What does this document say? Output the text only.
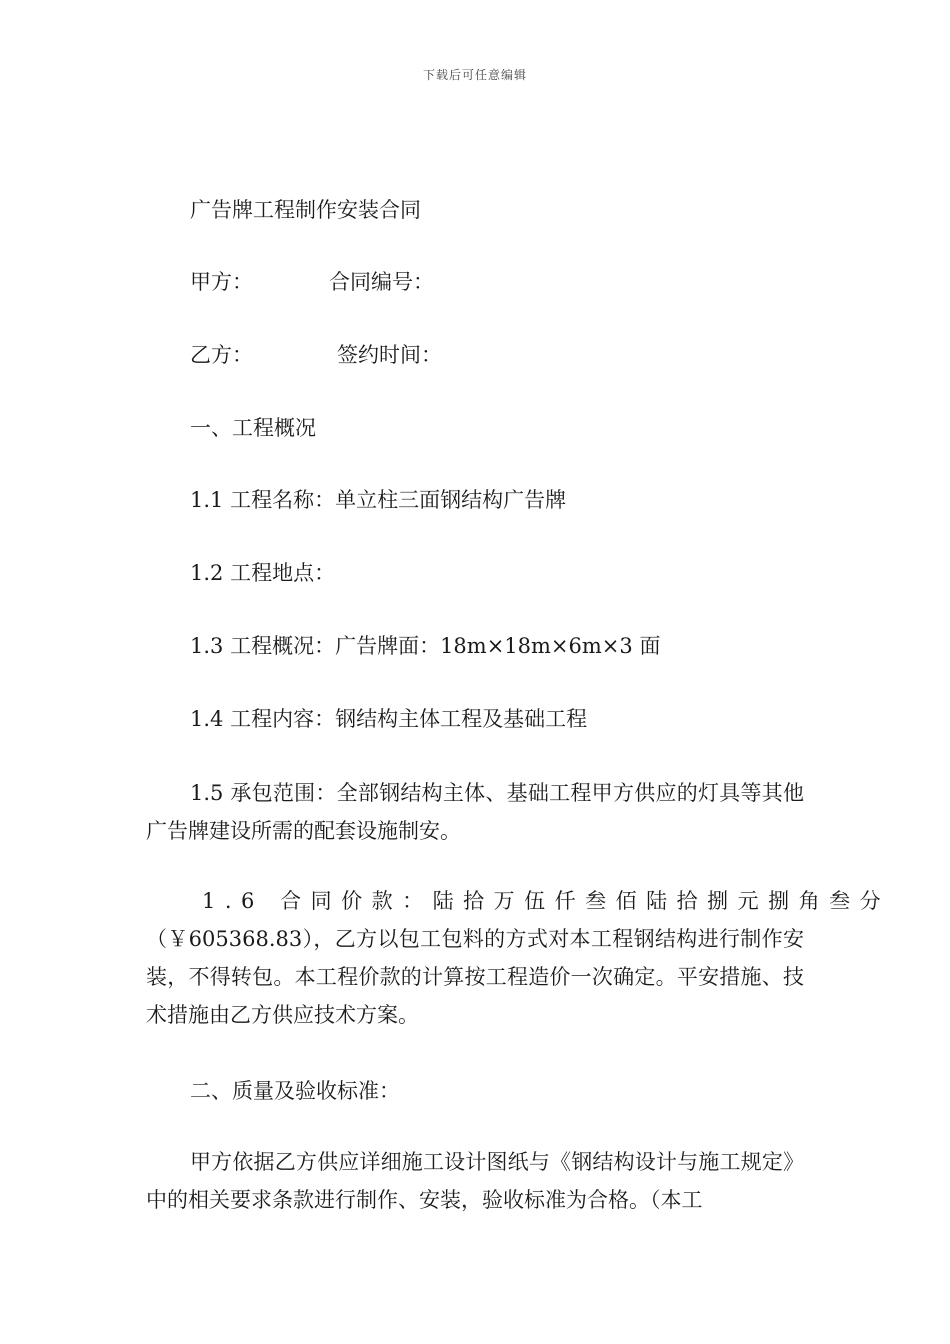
下载后可任意编辑
广告牌工程制作安装合同
甲方：	合同编号：
乙方：	签约时间：
一、工程概况
1.1 工程名称：单立柱三面钢结构广告牌
1.2 工程地点：
1.3 工程概况：广告牌面：18m×18m×6m×3 面
1.4 工程内容：钢结构主体工程及基础工程
1.5 承包范围：全部钢结构主体、基础工程甲方供应的灯具等其他广告牌建设所需的配套设施制安。
1.6 合同价款：陆拾万伍仟叁佰陆拾捌元捌角叁分
（￥605368.83），乙方以包工包料的方式对本工程钢结构进行制作安装，不得转包。本工程价款的计算按工程造价一次确定。平安措施、技术措施由乙方供应技术方案。
二、质量及验收标准：
甲方依据乙方供应详细施工设计图纸与《钢结构设计与施工规定》中的相关要求条款进行制作、安装，验收标准为合格。（本工
